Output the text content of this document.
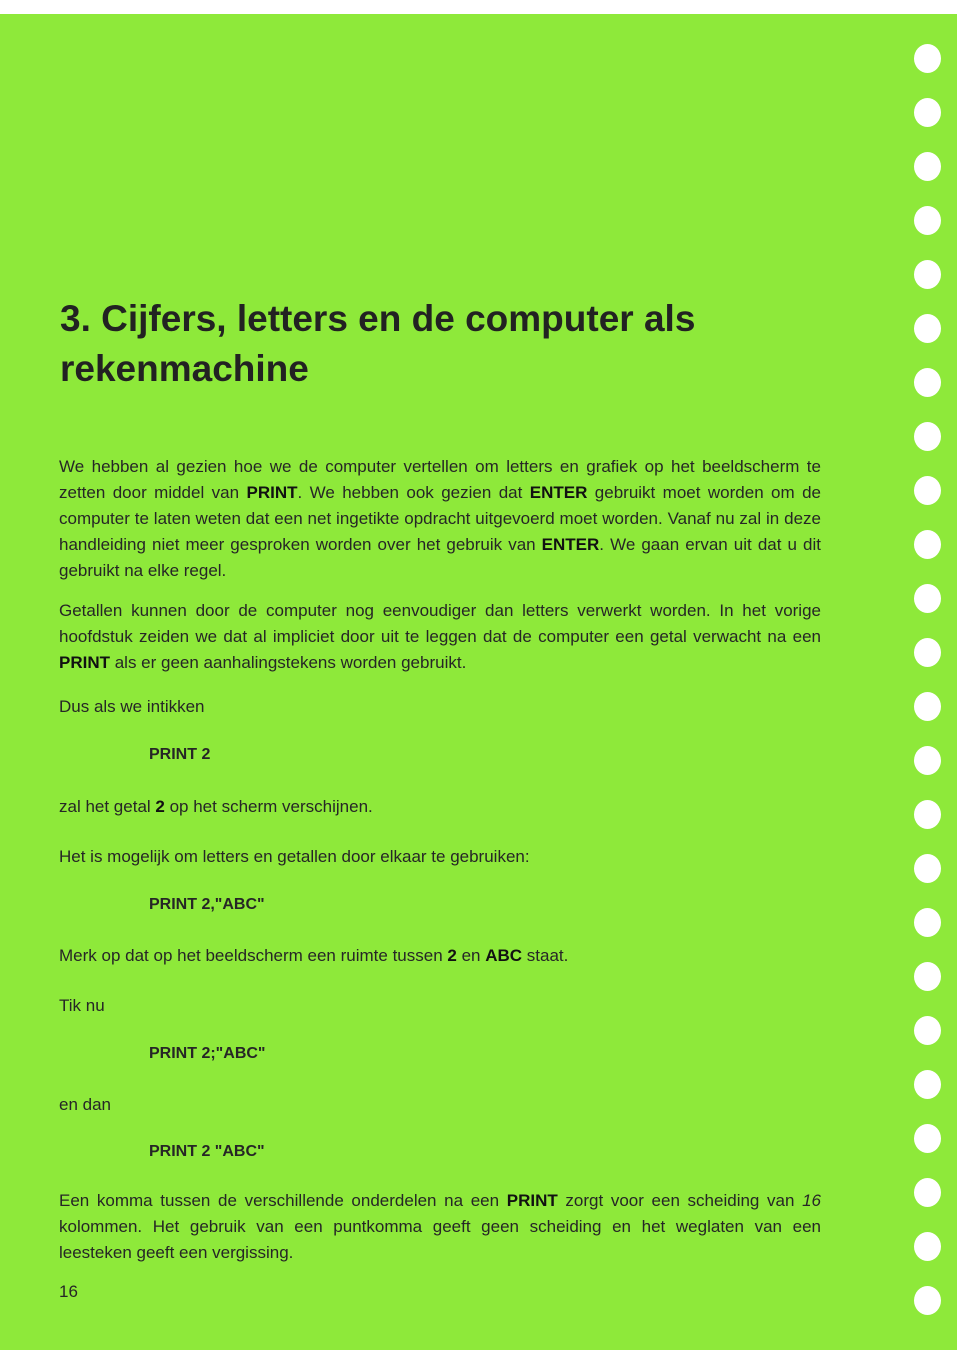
3. Cijfers, letters en de computer als rekenmachine

We hebben al gezien hoe we de computer vertellen om letters en grafiek op het beeldscherm te zetten door middel van PRINT. We hebben ook gezien dat ENTER gebruikt moet worden om de computer te laten weten dat een net ingetikte opdracht uitgevoerd moet worden. Vanaf nu zal in deze handleiding niet meer gesproken worden over het gebruik van ENTER. We gaan ervan uit dat u dit gebruikt na elke regel.

Getallen kunnen door de computer nog eenvoudiger dan letters verwerkt worden. In het vorige hoofdstuk zeiden we dat al impliciet door uit te leggen dat de computer een getal verwacht na een PRINT als er geen aanhalingstekens worden gebruikt.

Dus als we intikken

PRINT 2

zal het getal 2 op het scherm verschijnen.

Het is mogelijk om letters en getallen door elkaar te gebruiken:

PRINT 2,"ABC"

Merk op dat op het beeldscherm een ruimte tussen 2 en ABC staat.

Tik nu

PRINT 2;"ABC"

en dan

PRINT 2 "ABC"

Een komma tussen de verschillende onderdelen na een PRINT zorgt voor een scheiding van 16 kolommen. Het gebruik van een puntkomma geeft geen scheiding en het weglaten van een leesteken geeft een vergissing.

16
